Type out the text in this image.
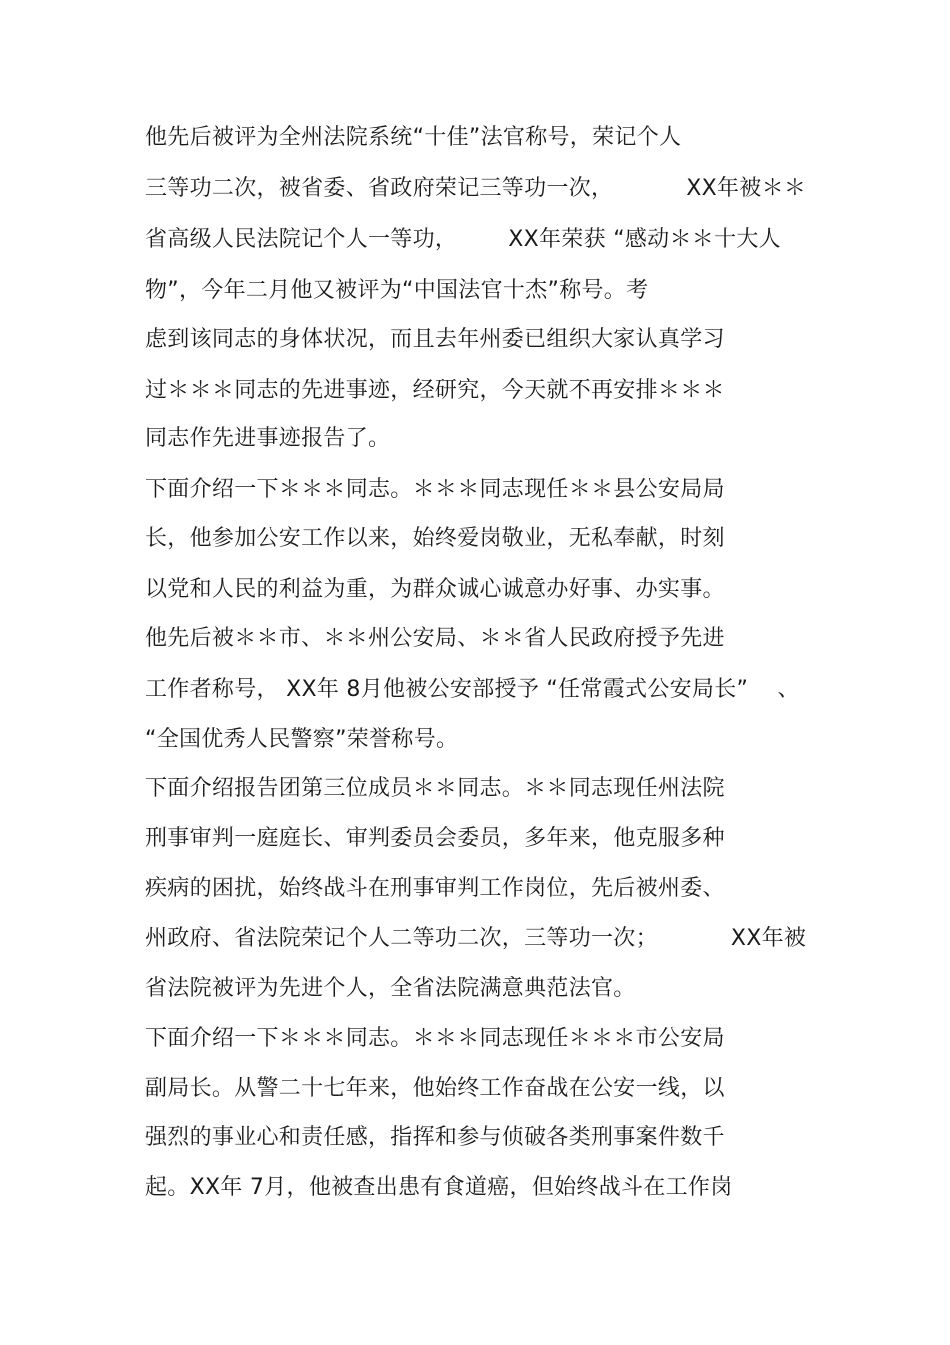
他先后被评为全州法院系统“十佳”法官称号，荣记个人
三等功二次，被省委、省政府荣记三等功一次，          XX年被＊＊
省高级人民法院记个人一等功，       XX年荣获 “感动＊＊十大人
物”，今年二月他又被评为“中国法官十杰”称号。考
虑到该同志的身体状况，而且去年州委已组织大家认真学习
过＊＊＊同志的先进事迹，经研究，今天就不再安排＊＊＊
同志作先进事迹报告了。
下面介绍一下＊＊＊同志。＊＊＊同志现任＊＊县公安局局
长，他参加公安工作以来，始终爱岗敬业，无私奉献，时刻
以党和人民的利益为重，为群众诚心诚意办好事、办实事。
他先后被＊＊市、＊＊州公安局、＊＊省人民政府授予先进
工作者称号， XX年 8月他被公安部授予 “任常霞式公安局长”    、
“全国优秀人民警察”荣誉称号。
下面介绍报告团第三位成员＊＊同志。＊＊同志现任州法院
刑事审判一庭庭长、审判委员会委员，多年来，他克服多种
疾病的困扰，始终战斗在刑事审判工作岗位，先后被州委、
州政府、省法院荣记个人二等功二次，三等功一次；          XX年被
省法院被评为先进个人，全省法院满意典范法官。
下面介绍一下＊＊＊同志。＊＊＊同志现任＊＊＊市公安局
副局长。从警二十七年来，他始终工作奋战在公安一线，以
强烈的事业心和责任感，指挥和参与侦破各类刑事案件数千
起。XX年 7月，他被查出患有食道癌，但始终战斗在工作岗
